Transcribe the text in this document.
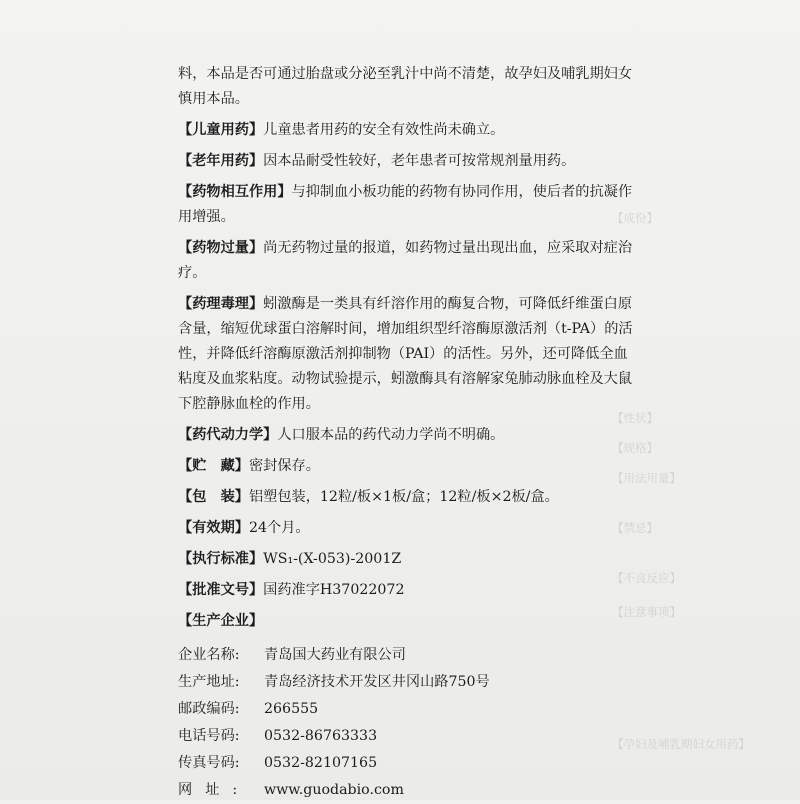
【注意事项】
【孕妇及哺乳期妇女用药】
【不良反应】
【禁忌】
【用法用量】
【规格】
【性状】
【成份】

料，本品是否可通过胎盘或分泌至乳汁中尚不清楚，故孕妇及哺乳期妇女慎用本品。

【儿童用药】儿童患者用药的安全有效性尚未确立。

【老年用药】因本品耐受性较好，老年患者可按常规剂量用药。

【药物相互作用】与抑制血小板功能的药物有协同作用，使后者的抗凝作用增强。

【药物过量】尚无药物过量的报道，如药物过量出现出血，应采取对症治疗。

【药理毒理】蚓激酶是一类具有纤溶作用的酶复合物，可降低纤维蛋白原含量，缩短优球蛋白溶解时间，增加组织型纤溶酶原激活剂（t-PA）的活性，并降低纤溶酶原激活剂抑制物（PAI）的活性。另外，还可降低全血粘度及血浆粘度。动物试验提示，蚓激酶具有溶解家兔肺动脉血栓及大鼠下腔静脉血栓的作用。

【药代动力学】人口服本品的药代动力学尚不明确。

【贮　藏】密封保存。

【包　装】铝塑包装，12粒/板×1板/盒；12粒/板×2板/盒。

【有效期】24个月。

【执行标准】WS₁-(X-053)-2001Z

【批准文号】国药准字H37022072

【生产企业】

企业名称:	青岛国大药业有限公司
生产地址:	青岛经济技术开发区井冈山路750号
邮政编码:	266555
电话号码:	0532-86763333
传真号码:	0532-82107165
网址: www.guodabio.com
